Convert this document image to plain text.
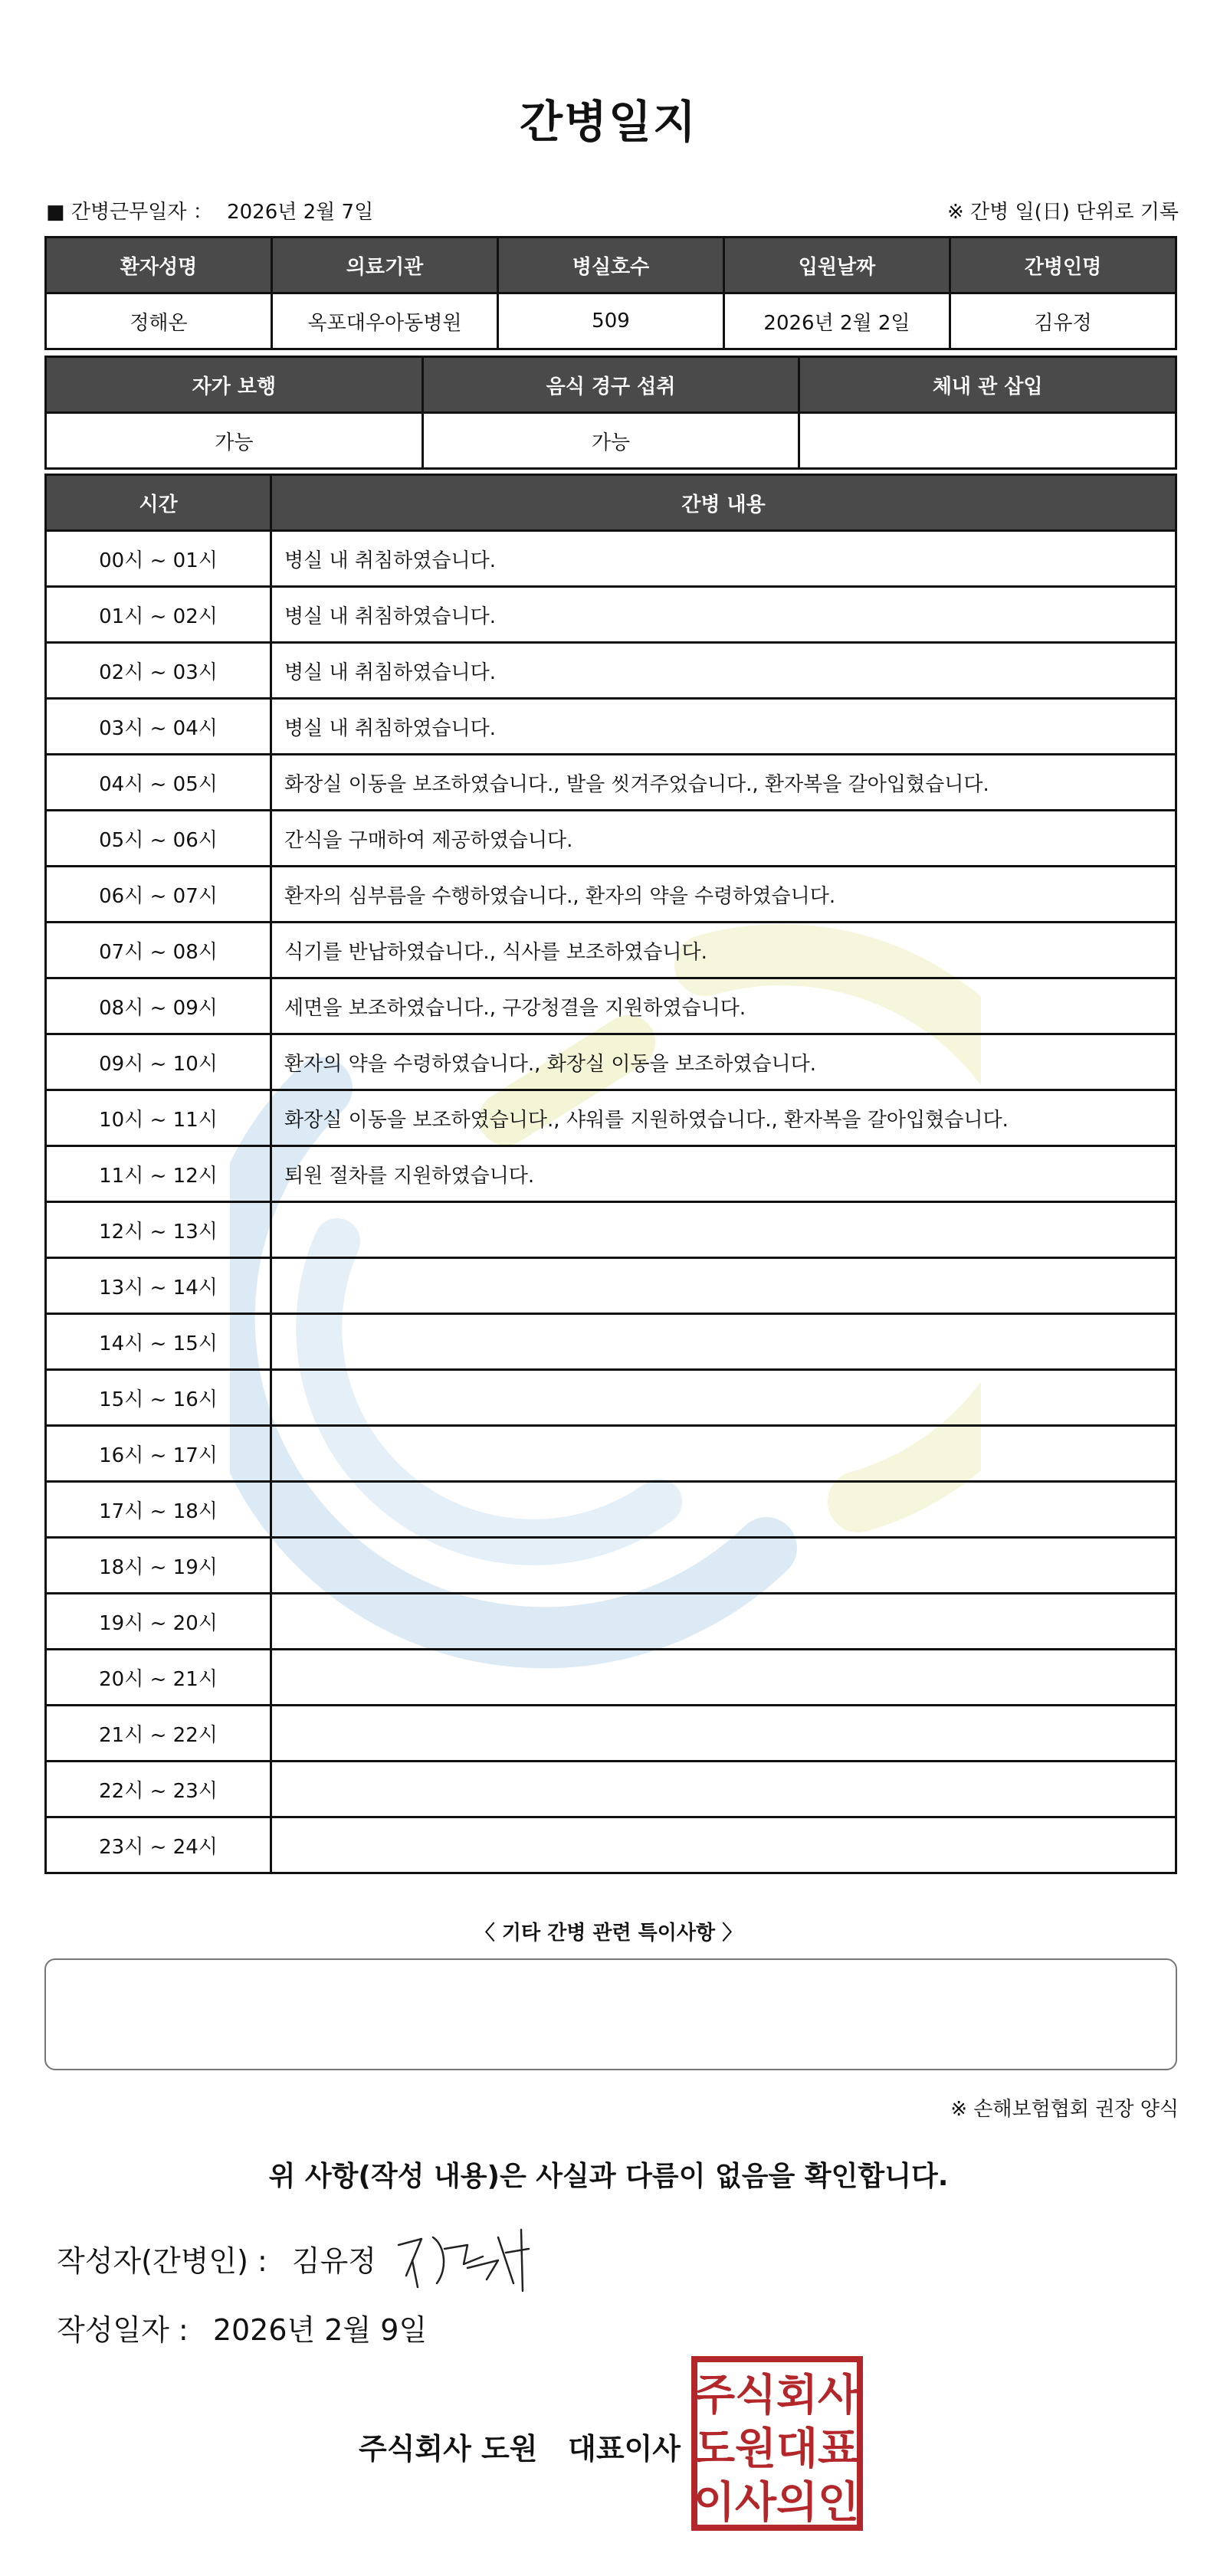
간병일지
■ 간병근무일자 ： 2026년 2월 7일	※ 간병 일(日) 단위로 기록
환자성명	의료기관	병실호수	입원날짜	간병인명
정해온	옥포대우아동병원	509	2026년 2월 2일	김유정
자가 보행	음식 경구 섭취	체내 관 삽입
가능	가능	
시간	간병 내용
00시 ~ 01시	병실 내 취침하였습니다.
01시 ~ 02시	병실 내 취침하였습니다.
02시 ~ 03시	병실 내 취침하였습니다.
03시 ~ 04시	병실 내 취침하였습니다.
04시 ~ 05시	화장실 이동을 보조하였습니다., 발을 씻겨주었습니다., 환자복을 갈아입혔습니다.
05시 ~ 06시	간식을 구매하여 제공하였습니다.
06시 ~ 07시	환자의 심부름을 수행하였습니다., 환자의 약을 수령하였습니다.
07시 ~ 08시	식기를 반납하였습니다., 식사를 보조하였습니다.
08시 ~ 09시	세면을 보조하였습니다., 구강청결을 지원하였습니다.
09시 ~ 10시	환자의 약을 수령하였습니다., 화장실 이동을 보조하였습니다.
10시 ~ 11시	화장실 이동을 보조하였습니다., 샤워를 지원하였습니다., 환자복을 갈아입혔습니다.
11시 ~ 12시	퇴원 절차를 지원하였습니다.
12시 ~ 13시	
13시 ~ 14시	
14시 ~ 15시	
15시 ~ 16시	
16시 ~ 17시	
17시 ~ 18시	
18시 ~ 19시	
19시 ~ 20시	
20시 ~ 21시	
21시 ~ 22시	
22시 ~ 23시	
23시 ~ 24시	
〈 기타 간병 관련 특이사항 〉
※ 손해보험협회 권장 양식
위 사항(작성 내용)은 사실과 다름이 없음을 확인합니다.
작성자(간병인) : 김유정
작성일자 : 2026년 2월 9일
주식회사 도원   대표이사
주 식 회 사
도 원 대 표
이 사 의 인
